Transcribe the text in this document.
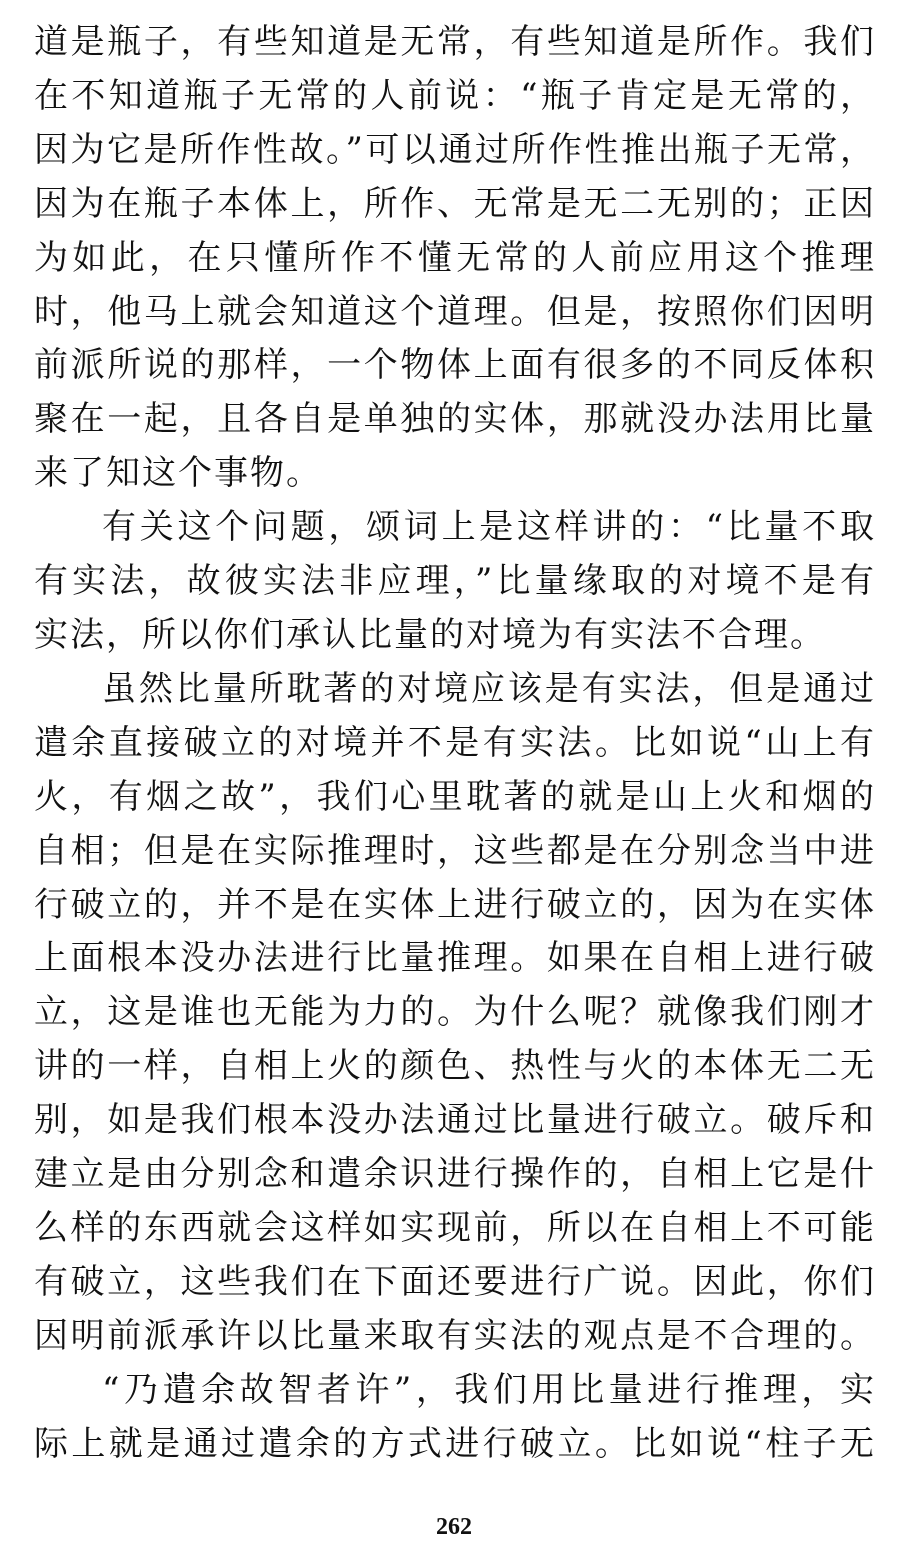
道是瓶子，有些知道是无常，有些知道是所作。我们
在不知道瓶子无常的人前说：“瓶子肯定是无常的，
因为它是所作性故。”可以通过所作性推出瓶子无常，
因为在瓶子本体上，所作、无常是无二无别的；正因
为如此，在只懂所作不懂无常的人前应用这个推理
时，他马上就会知道这个道理。但是，按照你们因明
前派所说的那样，一个物体上面有很多的不同反体积
聚在一起，且各自是单独的实体，那就没办法用比量
来了知这个事物。
有关这个问题，颂词上是这样讲的：“比量不取
有实法，故彼实法非应理，”比量缘取的对境不是有
实法，所以你们承认比量的对境为有实法不合理。
虽然比量所耽著的对境应该是有实法，但是通过
遣余直接破立的对境并不是有实法。比如说“山上有
火，有烟之故”，我们心里耽著的就是山上火和烟的
自相；但是在实际推理时，这些都是在分别念当中进
行破立的，并不是在实体上进行破立的，因为在实体
上面根本没办法进行比量推理。如果在自相上进行破
立，这是谁也无能为力的。为什么呢？就像我们刚才
讲的一样，自相上火的颜色、热性与火的本体无二无
别，如是我们根本没办法通过比量进行破立。破斥和
建立是由分别念和遣余识进行操作的，自相上它是什
么样的东西就会这样如实现前，所以在自相上不可能
有破立，这些我们在下面还要进行广说。因此，你们
因明前派承许以比量来取有实法的观点是不合理的。
“乃遣余故智者许”，我们用比量进行推理，实
际上就是通过遣余的方式进行破立。比如说“柱子无
262
